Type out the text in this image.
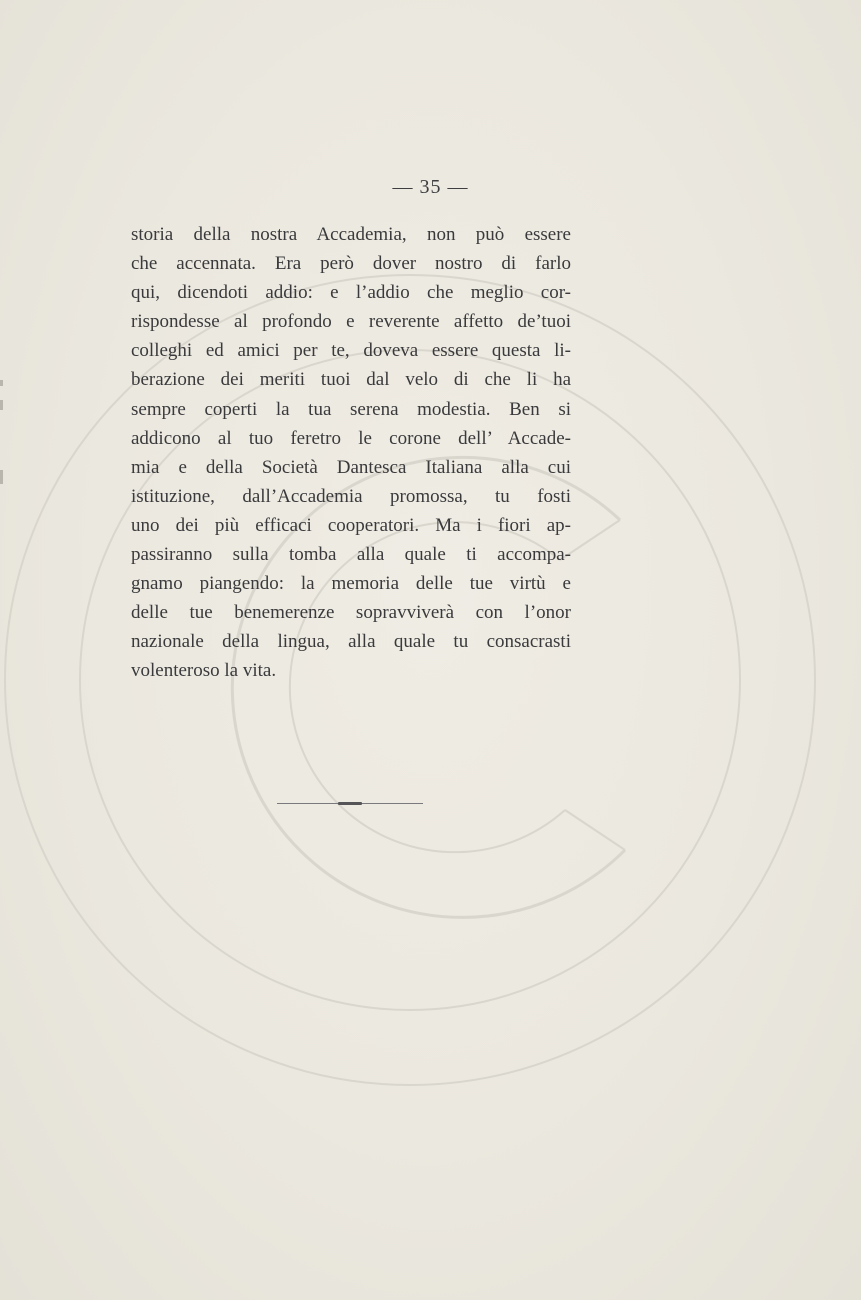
— 35 —
storia della nostra Accademia, non può essere
che accennata. Era però dover nostro di farlo
qui, dicendoti addio: e l’addio che meglio cor-
rispondesse al profondo e reverente affetto de’tuoi
colleghi ed amici per te, doveva essere questa li-
berazione dei meriti tuoi dal velo di che li ha
sempre coperti la tua serena modestia. Ben si
addicono al tuo feretro le corone dell’ Accade-
mia e della Società Dantesca Italiana alla cui
istituzione, dall’Accademia promossa, tu fosti
uno dei più efficaci cooperatori. Ma i fiori ap-
passiranno sulla tomba alla quale ti accompa-
gnamo piangendo: la memoria delle tue virtù e
delle tue benemerenze sopravviverà con l’onor
nazionale della lingua, alla quale tu consacrasti
volenteroso la vita.
